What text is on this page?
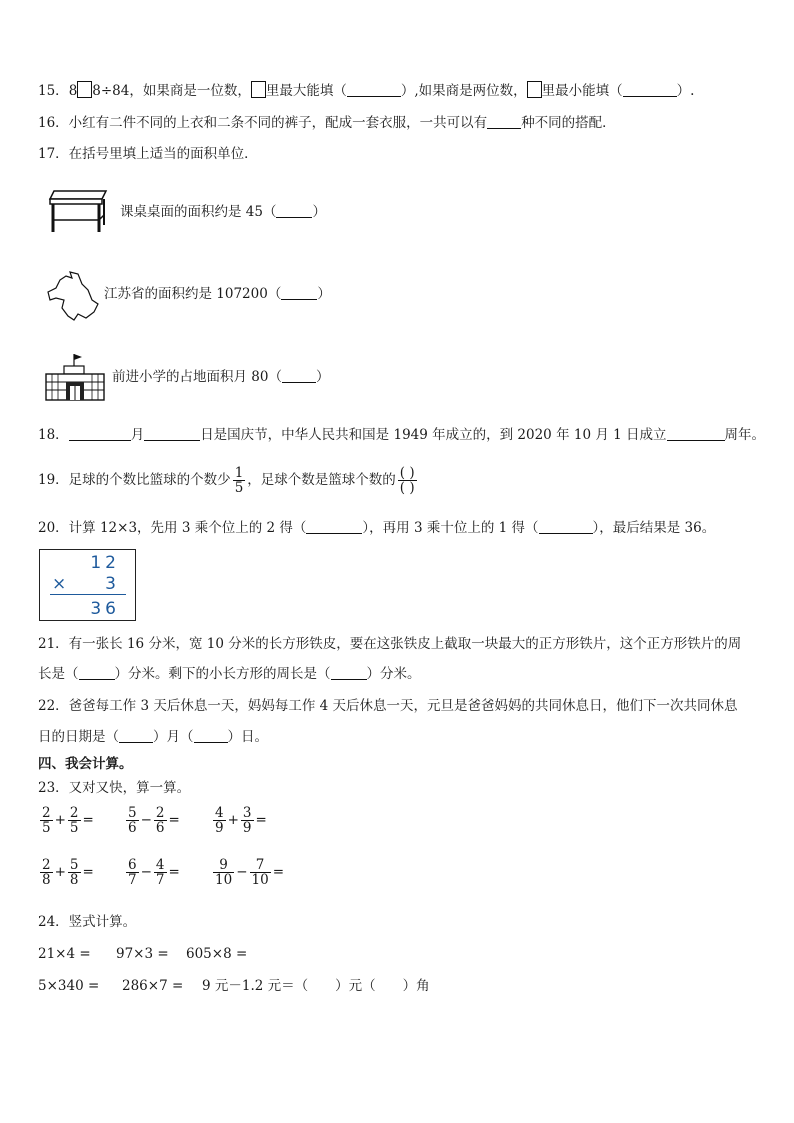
15．8 8÷84，如果商是一位数， 里最大能填（	）,如果商是两位数， 里最小能填（	）.
16．小红有二件不同的上衣和二条不同的裤子，配成一套衣服，一共可以有	种不同的搭配．
17．在括号里填上适当的面积单位．
课桌桌面的面积约是 45（	）
江苏省的面积约是 107200（	）
前进小学的占地面积月 80（	）
18．	月	日是国庆节，中华人民共和国是 1949 年成立的，到 2020 年 10 月 1 日成立	周年。
19．足球的个数比篮球的个数少 $\frac{1}{5}$ ，足球个数是篮球个数的 $\frac{( )}{( )}$
20．计算 12×3，先用 3 乘个位上的 2 得（	），再用 3 乘十位上的 1 得（	），最后结果是 36。
12
×	3
36
21．有一张长 16 分米，宽 10 分米的长方形铁皮，要在这张铁皮上截取一块最大的正方形铁片，这个正方形铁片的周
长是（	）分米。剩下的小长方形的周长是（	）分米。
22．爸爸每工作 3 天后休息一天，妈妈每工作 4 天后休息一天，元旦是爸爸妈妈的共同休息日，他们下一次共同休息
日的日期是（	）月（	）日。
四、我会计算。
23．又对又快，算一算。
$\frac{2}{5} + \frac{2}{5} = \frac{5}{6} - \frac{2}{6} = \frac{4}{9} + \frac{3}{9}$ =
$\frac{2}{8} + \frac{5}{8} = \frac{6}{7} - \frac{4}{7} = \frac{9}{10} - \frac{7}{10}$ =
24．竖式计算。
21×4 = 97×3 = 605×8 =
5×340 = 286×7 = 9 元－1.2 元＝（　　）元（　　）角
